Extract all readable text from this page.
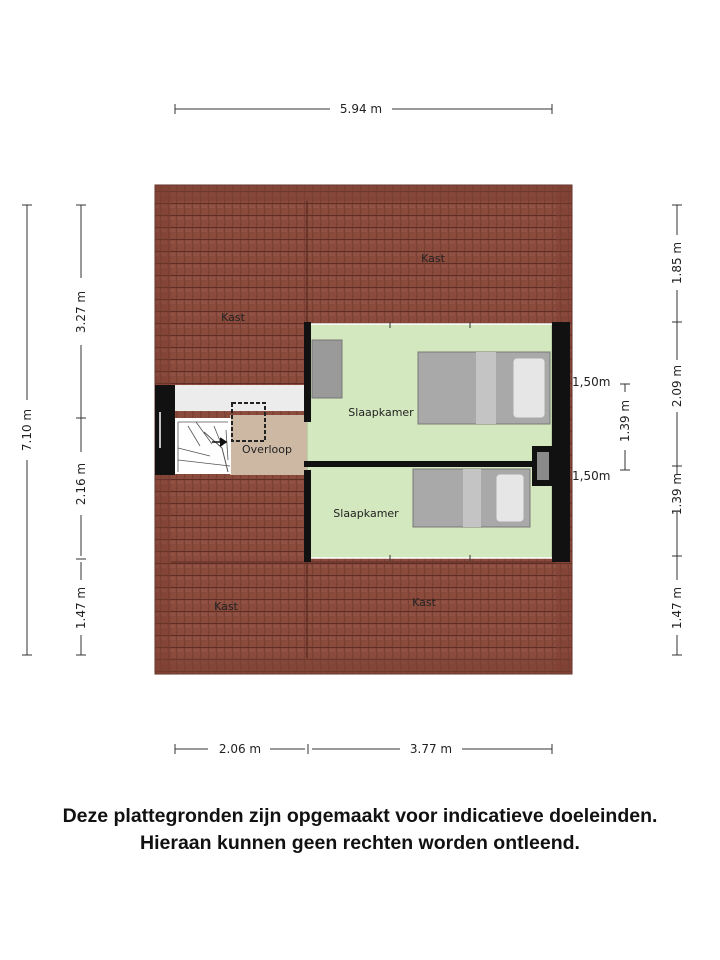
Kast
Kast
Kast	Kast
Slaapkamer
Slaapkamer
Overloop
1,50m
1,50m
5.94 m
2.06 m	3.77 m
7.10 m
3.27 m
2.16 m
1.47 m
1.85 m
2.09 m
1.39 m
1.47 m
1.39 m
Deze plattegronden zijn opgemaakt voor indicatieve doeleinden.
Hieraan kunnen geen rechten worden ontleend.
